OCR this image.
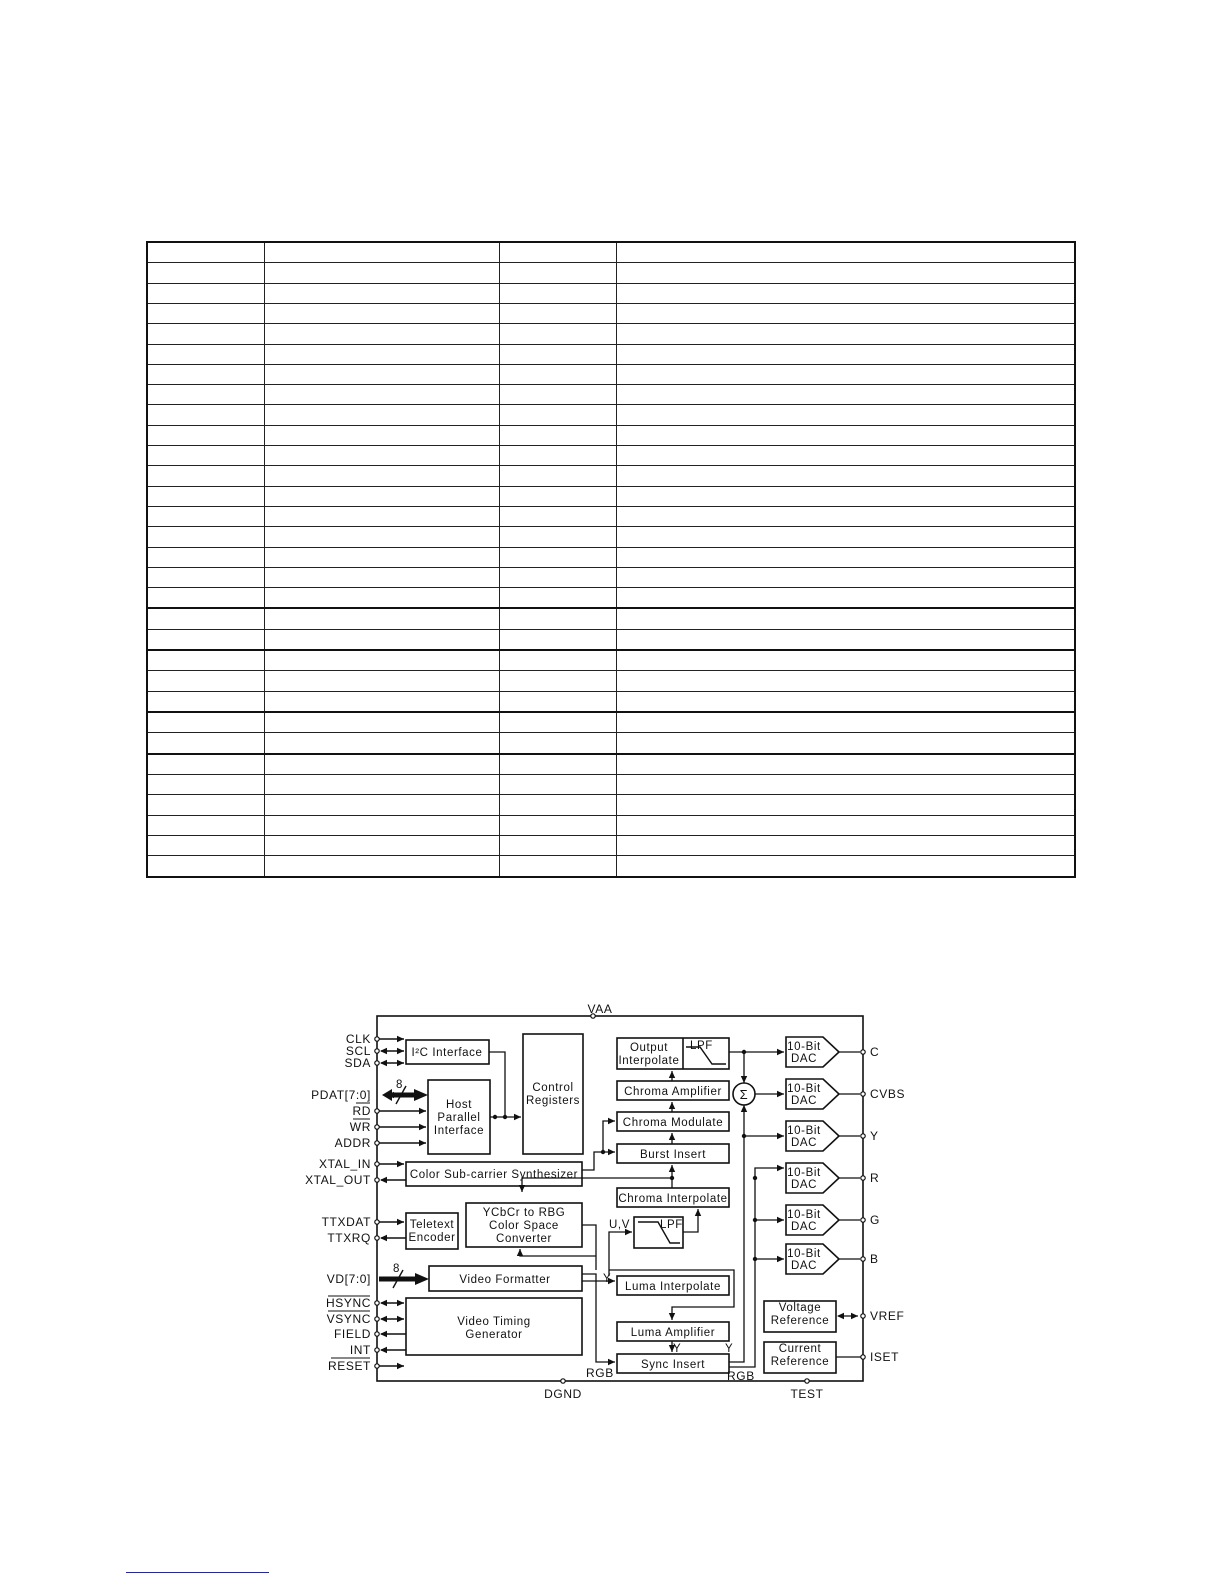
VAA
DGND	TEST
CLK
SCL
SDA
PDAT[7:0]
RD
WR
ADDR
XTAL_IN
XTAL_OUT
TTXDAT
TTXRQ
VD[7:0]
HSYNC
VSYNC
FIELD
INT
RESET
C
CVBS
Y
R
G
B
VREF
ISET
8
8
I²C Interface
Host
Parallel
Interface
Control
Registers
Color Sub-carrier Synthesizer
Teletext
Encoder
YCbCr to RBG
Color Space
Converter
Video Formatter
Video Timing
Generator
Output
Interpolate
Chroma Amplifier
Chroma Modulate
Burst Insert
Chroma Interpolate
Luma Interpolate
Luma Amplifier
Sync Insert
Σ
Voltage
Reference
Current
Reference
LPF
LPF
10-Bit
DAC
10-Bit
DAC
10-Bit
DAC
10-Bit
DAC
10-Bit
DAC
10-Bit
DAC
U,V
Y
Y	Y
RGB	RGB
